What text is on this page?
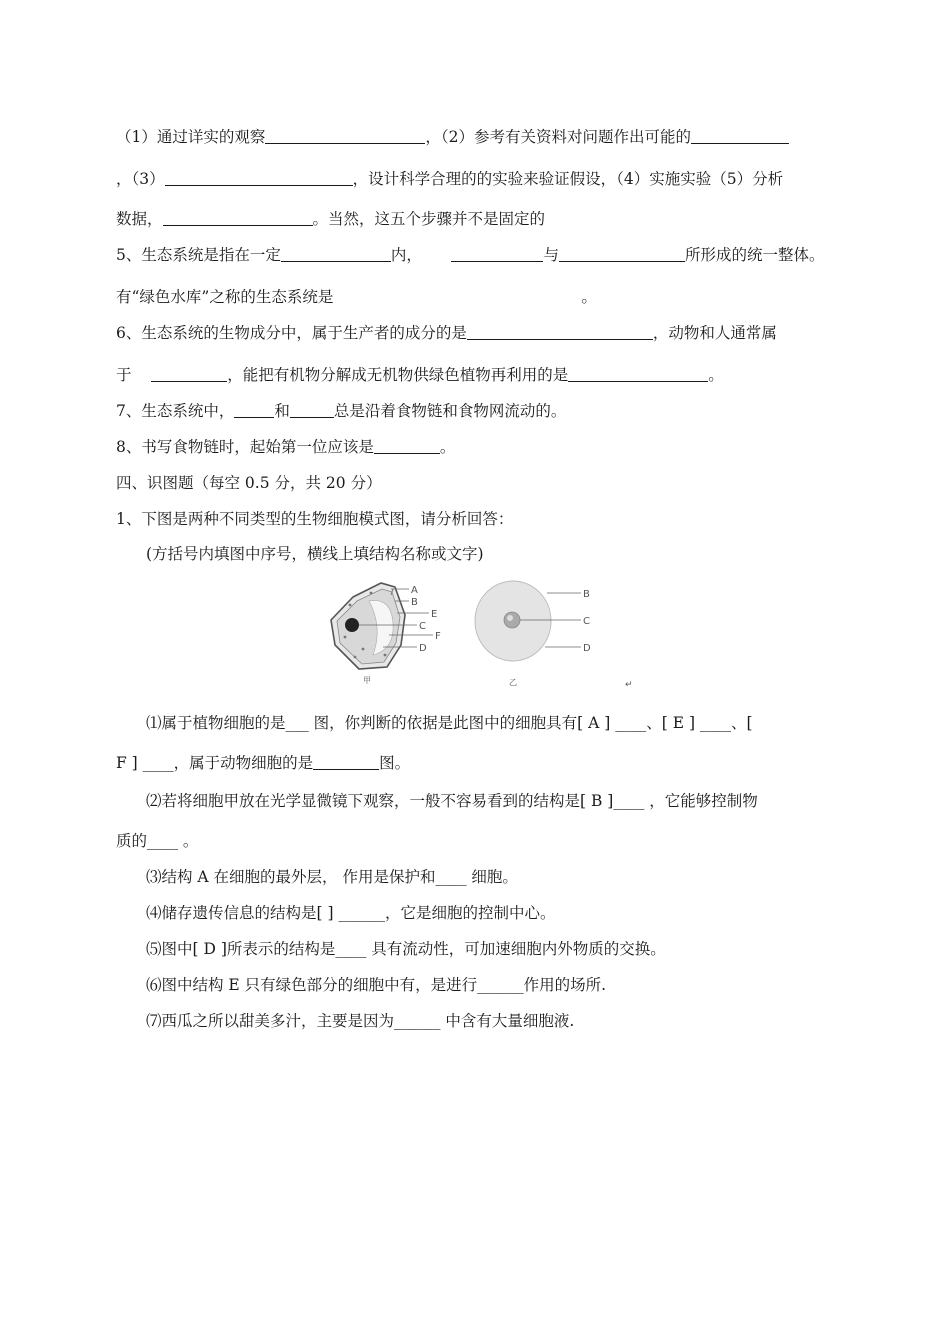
（1）通过详实的观察	，（2）参考有关资料对问题作出可能的
，（3）	，设计科学合理的的实验来验证假设，（4）实施实验（5）分析
数据，	。当然，这五个步骤并不是固定的
5、生态系统是指在一定	内，	与	所形成的统一整体。
有“绿色水库”之称的生态系统是	。
6、生态系统的生物成分中，属于生产者的成分的是	，动物和人通常属
于	，能把有机物分解成无机物供绿色植物再利用的是	。
7、生态系统中，	和	总是沿着食物链和食物网流动的。
8、书写食物链时，起始第一位应该是	。
四、识图题（每空 0.5 分，共 20 分）
1、下图是两种不同类型的生物细胞模式图，请分析回答：
(方括号内填图中序号，横线上填结构名称或文字)
A
B
E
C
F
D
甲
B
C
D
乙	↵
⑴属于植物细胞的是___ 图，你判断的依据是此图中的细胞具有[ A ] ____、[ E ] ____、[
F ] ____，属于动物细胞的是	图。
⑵若将细胞甲放在光学显微镜下观察，一般不容易看到的结构是[ B ]____ ，它能够控制物
质的____ 。
⑶结构 A 在细胞的最外层， 作用是保护和____ 细胞。
⑷储存遗传信息的结构是[ ] ______，它是细胞的控制中心。
⑸图中[ D ]所表示的结构是____ 具有流动性，可加速细胞内外物质的交换。
⑹图中结构 E 只有绿色部分的细胞中有，是进行______作用的场所.
⑺西瓜之所以甜美多汁，主要是因为______ 中含有大量细胞液.
